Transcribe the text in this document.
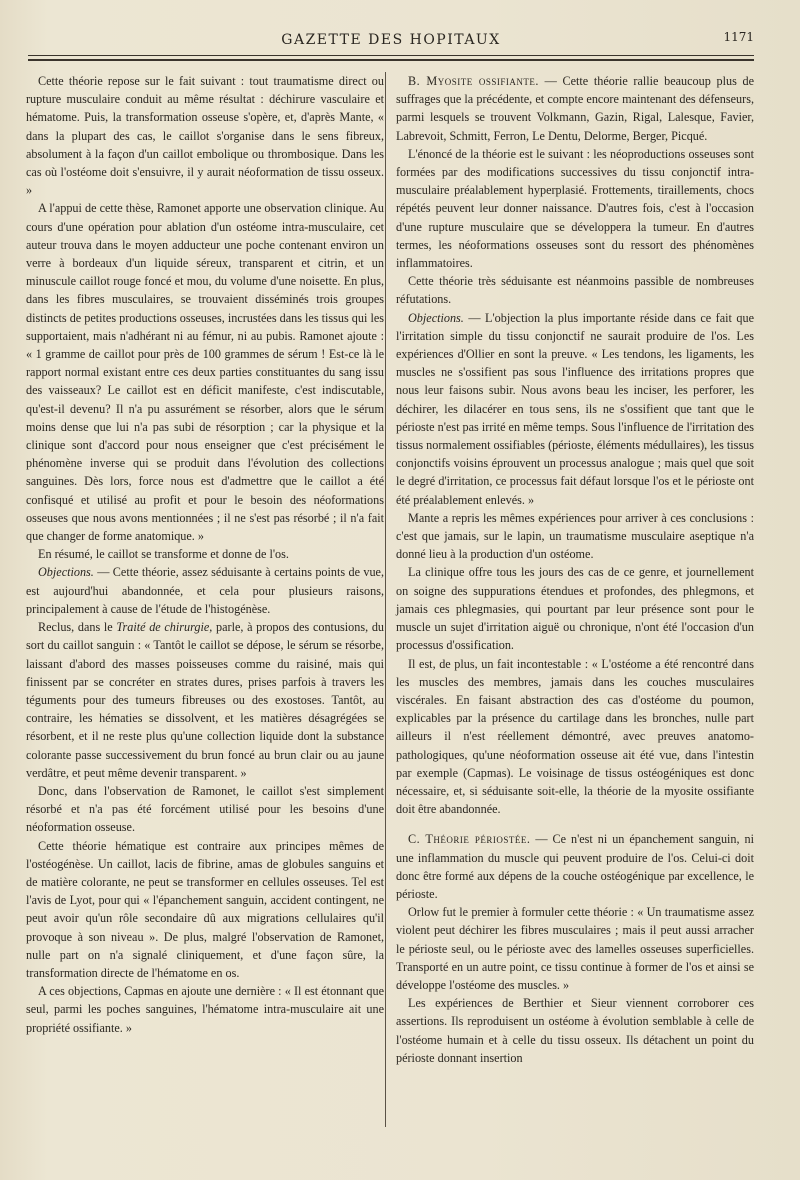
GAZETTE DES HOPITAUX	1171

Cette théorie repose sur le fait suivant : tout traumatisme direct ou rupture musculaire conduit au même résultat : déchirure vasculaire et hématome. Puis, la transformation osseuse s'opère, et, d'après Mante, « dans la plupart des cas, le caillot s'organise dans le sens fibreux, absolument à la façon d'un caillot embolique ou thrombosique. Dans les cas où l'ostéome doit s'ensuivre, il y aurait néoformation de tissu osseux. »

A l'appui de cette thèse, Ramonet apporte une observation clinique. Au cours d'une opération pour ablation d'un ostéome intra-musculaire, cet auteur trouva dans le moyen adducteur une poche contenant environ un verre à bordeaux d'un liquide séreux, transparent et citrin, et un minuscule caillot rouge foncé et mou, du volume d'une noisette. En plus, dans les fibres musculaires, se trouvaient disséminés trois groupes distincts de petites productions osseuses, incrustées dans les tissus qui les supportaient, mais n'adhérant ni au fémur, ni au pubis. Ramonet ajoute : « 1 gramme de caillot pour près de 100 grammes de sérum ! Est-ce là le rapport normal existant entre ces deux parties constituantes du sang issu des vaisseaux? Le caillot est en déficit manifeste, c'est indiscutable, qu'est-il devenu? Il n'a pu assurément se résorber, alors que le sérum moins dense que lui n'a pas subi de résorption ; car la physique et la clinique sont d'accord pour nous enseigner que c'est précisément le phénomène inverse qui se produit dans l'évolution des collections sanguines. Dès lors, force nous est d'admettre que le caillot a été confisqué et utilisé au profit et pour le besoin des néoformations osseuses que nous avons mentionnées ; il ne s'est pas résorbé ; il n'a fait que changer de forme anatomique. »

En résumé, le caillot se transforme et donne de l'os.

Objections. — Cette théorie, assez séduisante à certains points de vue, est aujourd'hui abandonnée, et cela pour plusieurs raisons, principalement à cause de l'étude de l'histogénèse.

Reclus, dans le Traité de chirurgie, parle, à propos des contusions, du sort du caillot sanguin : « Tantôt le caillot se dépose, le sérum se résorbe, laissant d'abord des masses poisseuses comme du raisiné, mais qui finissent par se concréter en strates dures, prises parfois à travers les téguments pour des tumeurs fibreuses ou des exostoses. Tantôt, au contraire, les hématies se dissolvent, et les matières désagrégées se résorbent, et il ne reste plus qu'une collection liquide dont la substance colorante passe successivement du brun foncé au brun clair ou au jaune verdâtre, et peut même devenir transparent. »

Donc, dans l'observation de Ramonet, le caillot s'est simplement résorbé et n'a pas été forcément utilisé pour les besoins d'une néoformation osseuse.

Cette théorie hématique est contraire aux principes mêmes de l'ostéogénèse. Un caillot, lacis de fibrine, amas de globules sanguins et de matière colorante, ne peut se transformer en cellules osseuses. Tel est l'avis de Lyot, pour qui « l'épanchement sanguin, accident contingent, ne peut avoir qu'un rôle secondaire dû aux migrations cellulaires qu'il provoque à son niveau ». De plus, malgré l'observation de Ramonet, nulle part on n'a signalé cliniquement, et d'une façon sûre, la transformation directe de l'hématome en os.

A ces objections, Capmas en ajoute une dernière : « Il est étonnant que seul, parmi les poches sanguines, l'hématome intra-musculaire ait une propriété ossifiante. »

B. Myosite ossifiante. — Cette théorie rallie beaucoup plus de suffrages que la précédente, et compte encore maintenant des défenseurs, parmi lesquels se trouvent Volkmann, Gazin, Rigal, Lalesque, Favier, Labrevoit, Schmitt, Ferron, Le Dentu, Delorme, Berger, Picqué.

L'énoncé de la théorie est le suivant : les néoproductions osseuses sont formées par des modifications successives du tissu conjonctif intra-musculaire préalablement hyperplasié. Frottements, tiraillements, chocs répétés peuvent leur donner naissance. D'autres fois, c'est à l'occasion d'une rupture musculaire que se développera la tumeur. En d'autres termes, les néoformations osseuses sont du ressort des phénomènes inflammatoires.

Cette théorie très séduisante est néanmoins passible de nombreuses réfutations.

Objections. — L'objection la plus importante réside dans ce fait que l'irritation simple du tissu conjonctif ne saurait produire de l'os. Les expériences d'Ollier en sont la preuve. « Les tendons, les ligaments, les muscles ne s'ossifient pas sous l'influence des irritations propres que nous leur faisons subir. Nous avons beau les inciser, les perforer, les déchirer, les dilacérer en tous sens, ils ne s'ossifient que tant que le périoste n'est pas irrité en même temps. Sous l'influence de l'irritation des tissus normalement ossifiables (périoste, éléments médullaires), les tissus conjonctifs voisins éprouvent un processus analogue ; mais quel que soit le degré d'irritation, ce processus fait défaut lorsque l'os et le périoste ont été préalablement enlevés. »

Mante a repris les mêmes expériences pour arriver à ces conclusions : c'est que jamais, sur le lapin, un traumatisme musculaire aseptique n'a donné lieu à la production d'un ostéome.

La clinique offre tous les jours des cas de ce genre, et journellement on soigne des suppurations étendues et profondes, des phlegmons, et jamais ces phlegmasies, qui pourtant par leur présence sont pour le muscle un sujet d'irritation aiguë ou chronique, n'ont été l'occasion d'un processus d'ossification.

Il est, de plus, un fait incontestable : « L'ostéome a été rencontré dans les muscles des membres, jamais dans les couches musculaires viscérales. En faisant abstraction des cas d'ostéome du poumon, explicables par la présence du cartilage dans les bronches, nulle part ailleurs il n'est réellement démontré, avec preuves anatomo-pathologiques, qu'une néoformation osseuse ait été vue, dans l'intestin par exemple (Capmas). Le voisinage de tissus ostéogéniques est donc nécessaire, et, si séduisante soit-elle, la théorie de la myosite ossifiante doit être abandonnée.

C. Théorie périostée. — Ce n'est ni un épanchement sanguin, ni une inflammation du muscle qui peuvent produire de l'os. Celui-ci doit donc être formé aux dépens de la couche ostéogénique par excellence, le périoste.

Orlow fut le premier à formuler cette théorie : « Un traumatisme assez violent peut déchirer les fibres musculaires ; mais il peut aussi arracher le périoste seul, ou le périoste avec des lamelles osseuses superficielles. Transporté en un autre point, ce tissu continue à former de l'os et ainsi se développe l'ostéome des muscles. »

Les expériences de Berthier et Sieur viennent corroborer ces assertions. Ils reproduisent un ostéome à évolution semblable à celle de l'ostéome humain et à celle du tissu osseux. Ils détachent un point du périoste donnant insertion
